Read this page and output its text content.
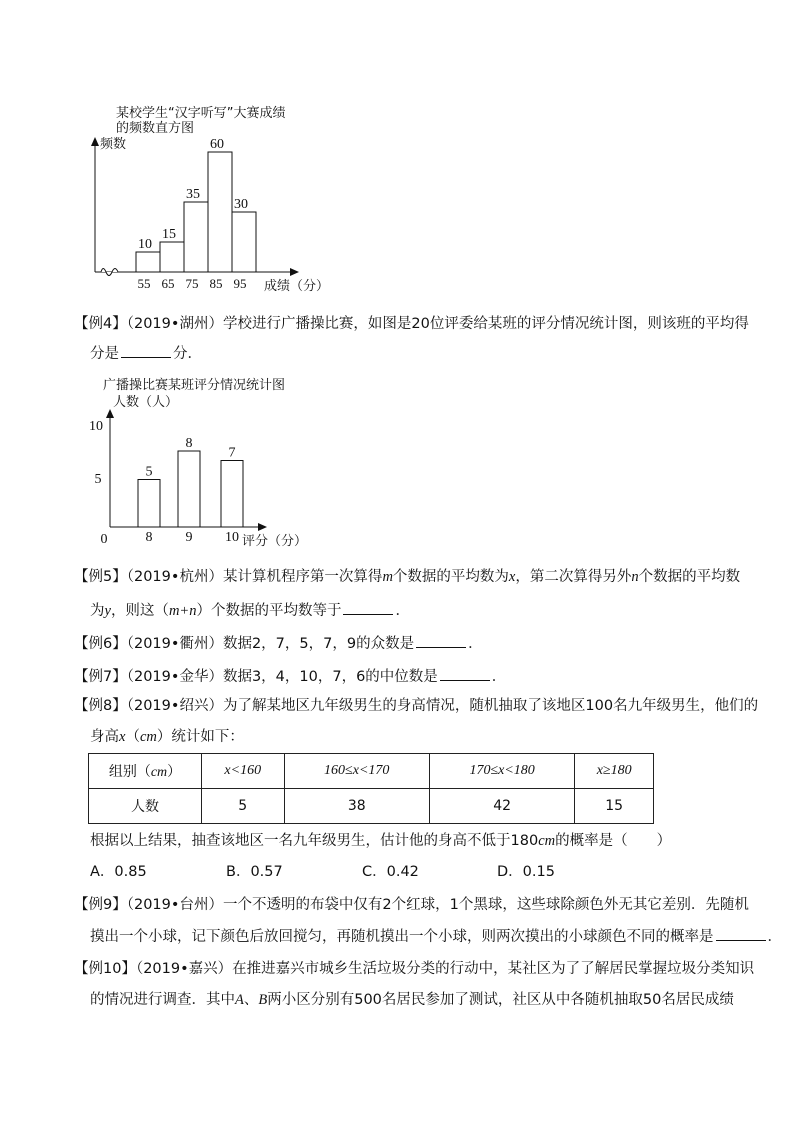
某校学生“汉字听写”大赛成绩
的频数直方图
频数
10
15
35
60
30
55 65 75 85 95 成绩（分）
广播操比赛某班评分情况统计图
人数（人）
5
10
0
5
8
7
8 9 10 评分（分）
【例4】（2019•湖州）学校进行广播操比赛，如图是20位评委给某班的评分情况统计图，则该班的平均得
分是	分．
【例5】（2019•杭州）某计算机程序第一次算得m个数据的平均数为x，第二次算得另外n个数据的平均数
为y，则这（m+n）个数据的平均数等于	．
【例6】（2019•衢州）数据2，7，5，7，9的众数是	．
【例7】（2019•金华）数据3，4，10，7，6的中位数是	．
【例8】（2019•绍兴）为了解某地区九年级男生的身高情况，随机抽取了该地区100名九年级男生，他们的
身高x（cm）统计如下：
组别（cm）	x<160	160≤x<170	170≤x<180	x≥180
人数	5	38	42	15
根据以上结果，抽查该地区一名九年级男生，估计他的身高不低于180cm的概率是（　　）
A．0.85	B．0.57	C．0.42	D．0.15
【例9】（2019•台州）一个不透明的布袋中仅有2个红球，1个黑球，这些球除颜色外无其它差别．先随机
摸出一个小球，记下颜色后放回搅匀，再随机摸出一个小球，则两次摸出的小球颜色不同的概率是	．
【例10】（2019•嘉兴）在推进嘉兴市城乡生活垃圾分类的行动中，某社区为了了解居民掌握垃圾分类知识
的情况进行调查．其中A、B两小区分别有500名居民参加了测试，社区从中各随机抽取50名居民成绩
